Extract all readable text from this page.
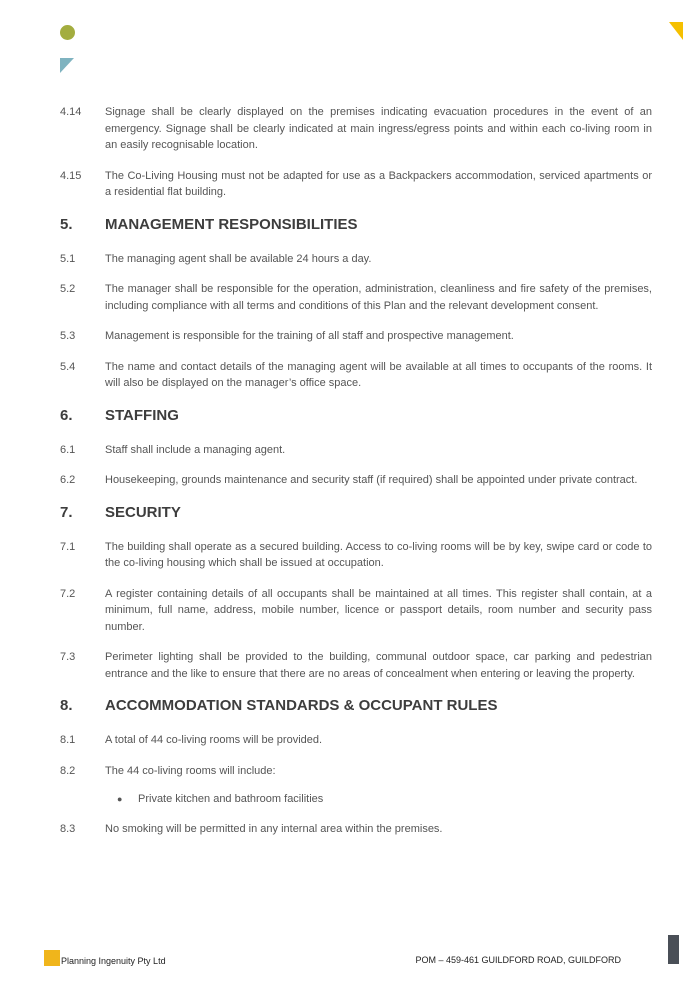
4.14	Signage shall be clearly displayed on the premises indicating evacuation procedures in the event of an emergency. Signage shall be clearly indicated at main ingress/egress points and within each co-living room in an easily recognisable location.
4.15	The Co-Living Housing must not be adapted for use as a Backpackers accommodation, serviced apartments or a residential flat building.
5.	MANAGEMENT RESPONSIBILITIES
5.1	The managing agent shall be available 24 hours a day.
5.2	The manager shall be responsible for the operation, administration, cleanliness and fire safety of the premises, including compliance with all terms and conditions of this Plan and the relevant development consent.
5.3	Management is responsible for the training of all staff and prospective management.
5.4	The name and contact details of the managing agent will be available at all times to occupants of the rooms. It will also be displayed on the manager’s office space.
6.	STAFFING
6.1	Staff shall include a managing agent.
6.2	Housekeeping, grounds maintenance and security staff (if required) shall be appointed under private contract.
7.	SECURITY
7.1	The building shall operate as a secured building. Access to co-living rooms will be by key, swipe card or code to the co-living housing which shall be issued at occupation.
7.2	A register containing details of all occupants shall be maintained at all times. This register shall contain, at a minimum, full name, address, mobile number, licence or passport details, room number and security pass number.
7.3	Perimeter lighting shall be provided to the building, communal outdoor space, car parking and pedestrian entrance and the like to ensure that there are no areas of concealment when entering or leaving the property.
8.	ACCOMMODATION STANDARDS & OCCUPANT RULES
8.1	A total of 44 co-living rooms will be provided.
8.2	The 44 co-living rooms will include:
●	Private kitchen and bathroom facilities
8.3	No smoking will be permitted in any internal area within the premises.
Planning Ingenuity Pty Ltd	POM – 459-461 GUILDFORD ROAD, GUILDFORD
